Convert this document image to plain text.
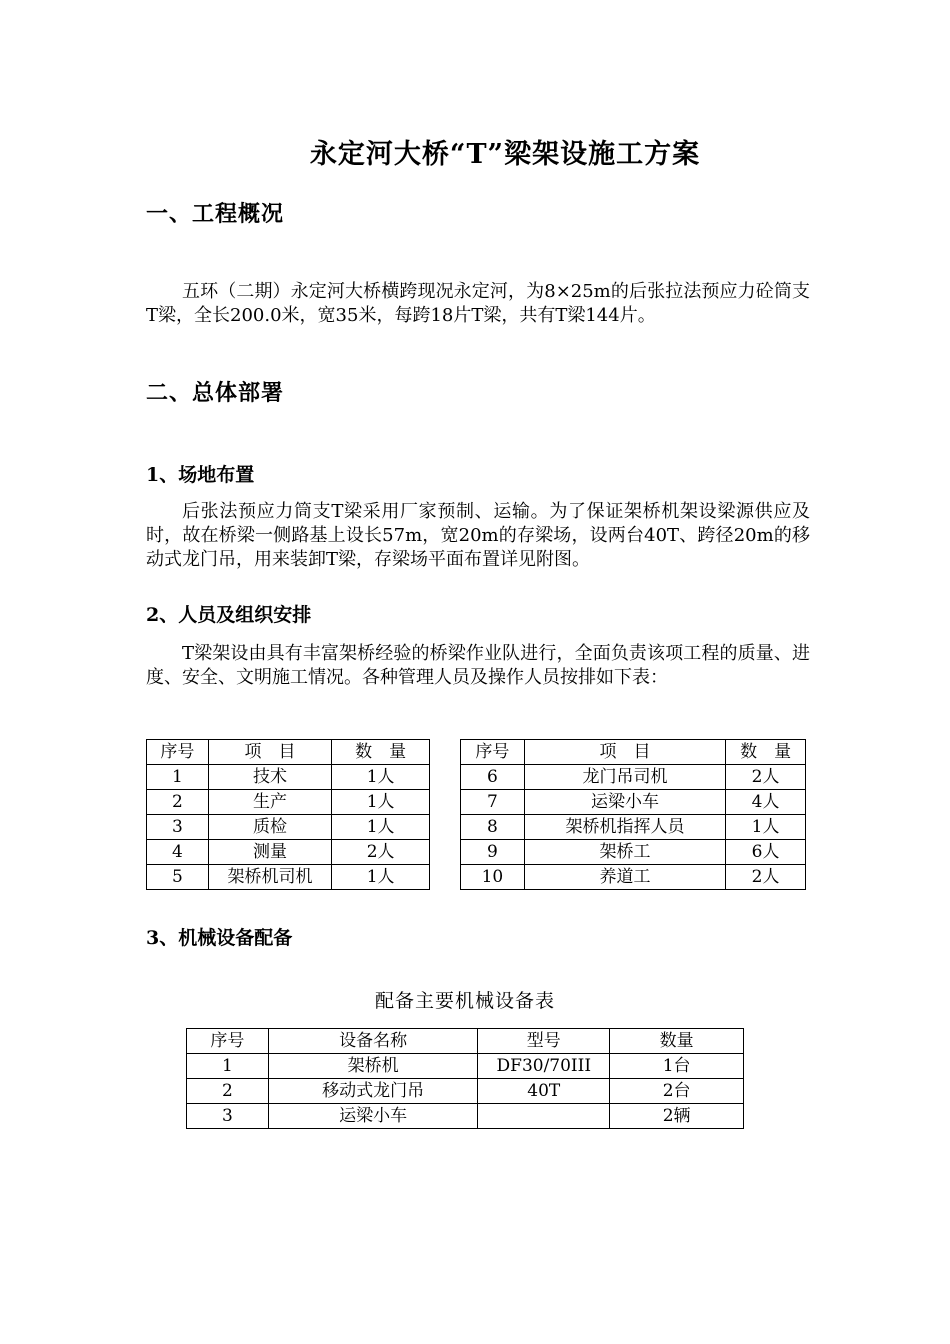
永定河大桥“T”梁架设施工方案
一、工程概况

五环（二期）永定河大桥横跨现况永定河，为8×25m的后张拉法预应力砼筒支T梁，全长200.0米，宽35米，每跨18片T梁，共有T梁144片。

二、总体部署
1、场地布置

后张法预应力筒支T梁采用厂家预制、运输。为了保证架桥机架设梁源供应及时，故在桥梁一侧路基上设长57m，宽20m的存梁场，设两台40T、跨径20m的移动式龙门吊，用来装卸T梁，存梁场平面布置详见附图。

2、人员及组织安排

T梁架设由具有丰富架桥经验的桥梁作业队进行，全面负责该项工程的质量、进度、安全、文明施工情况。各种管理人员及操作人员按排如下表：

序号	项　目	数　量
1	技术	1人
2	生产	1人
3	质检	1人
4	测量	2人
5	架桥机司机	1人
序号	项　目	数　量
6	龙门吊司机	2人
7	运梁小车	4人
8	架桥机指挥人员	1人
9	架桥工	6人
10	养道工	2人
3、机械设备配备
配备主要机械设备表
序号	设备名称	型号	数量
1	架桥机	DF30/70III	1台
2	移动式龙门吊	40T	2台
3	运梁小车		2辆
